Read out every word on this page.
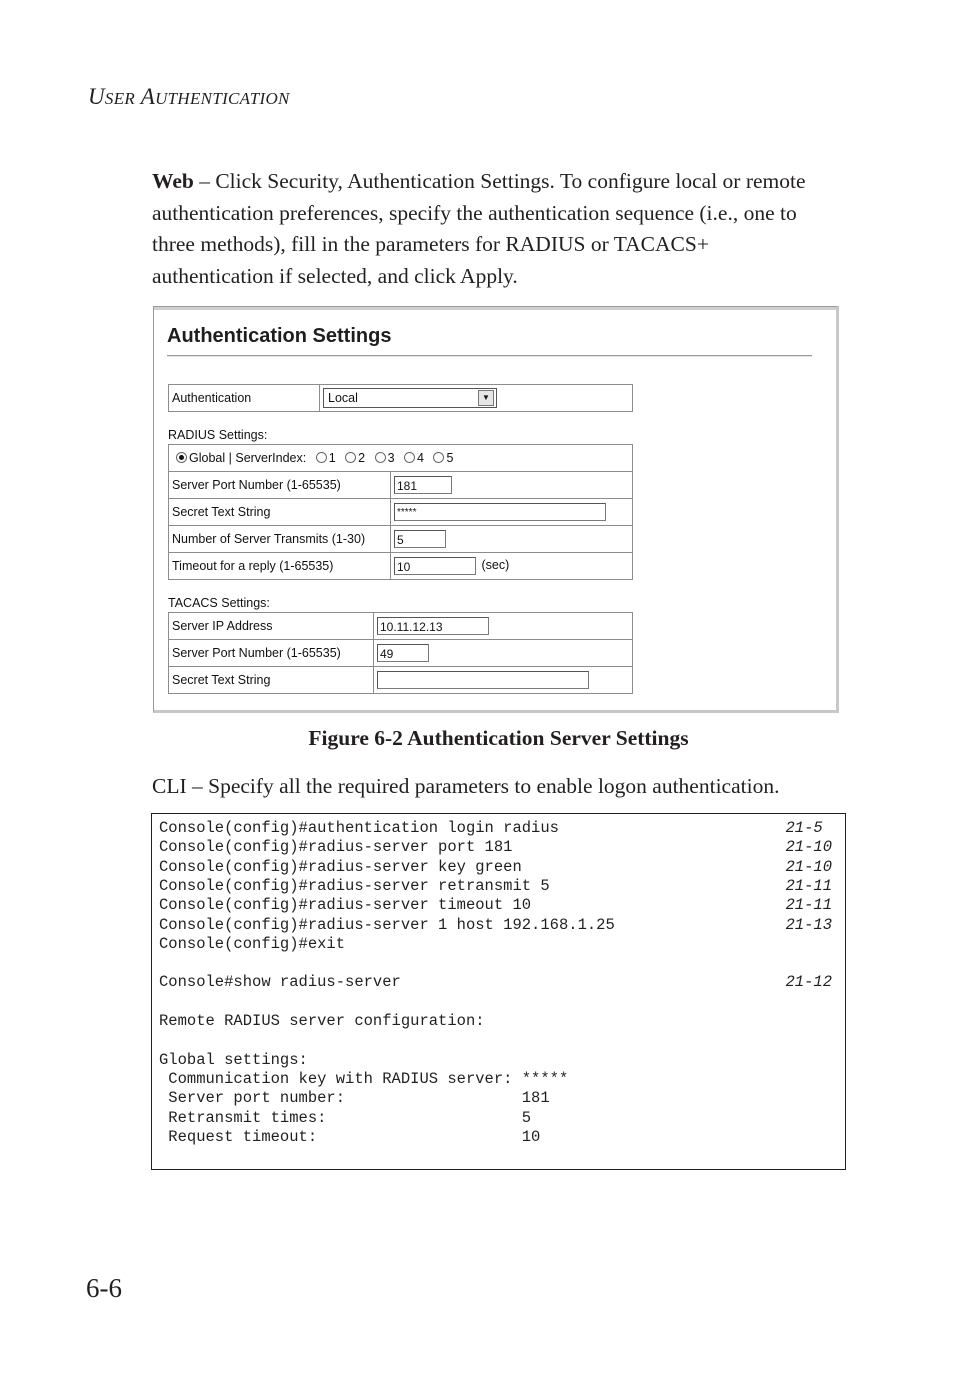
USER AUTHENTICATION
Web – Click Security, Authentication Settings. To configure local or remote authentication preferences, specify the authentication sequence (i.e., one to three methods), fill in the parameters for RADIUS or TACACS+ authentication if selected, and click Apply.
Authentication Settings
Authentication	Local	▼
RADIUS Settings:
Global | ServerIndex: 1 2 3 4 5	
Server Port Number (1-65535)	181
Secret Text String	*****
Number of Server Transmits (1-30)	5
Timeout for a reply (1-65535)	10 (sec)
TACACS Settings:
Server IP Address	10.11.12.13
Server Port Number (1-65535)	49
Secret Text String	
Figure 6-2 Authentication Server Settings
CLI – Specify all the required parameters to enable logon authentication.
Console(config)#authentication login radius	21-5
Console(config)#radius-server port 181	21-10
Console(config)#radius-server key green	21-10
Console(config)#radius-server retransmit 5	21-11
Console(config)#radius-server timeout 10	21-11
Console(config)#radius-server 1 host 192.168.1.25	21-13
Console(config)#exit
Console#show radius-server	21-12
Remote RADIUS server configuration:
Global settings:
Communication key with RADIUS server: *****
Server port number:                   181
Retransmit times:                     5
Request timeout:                      10
6-6
